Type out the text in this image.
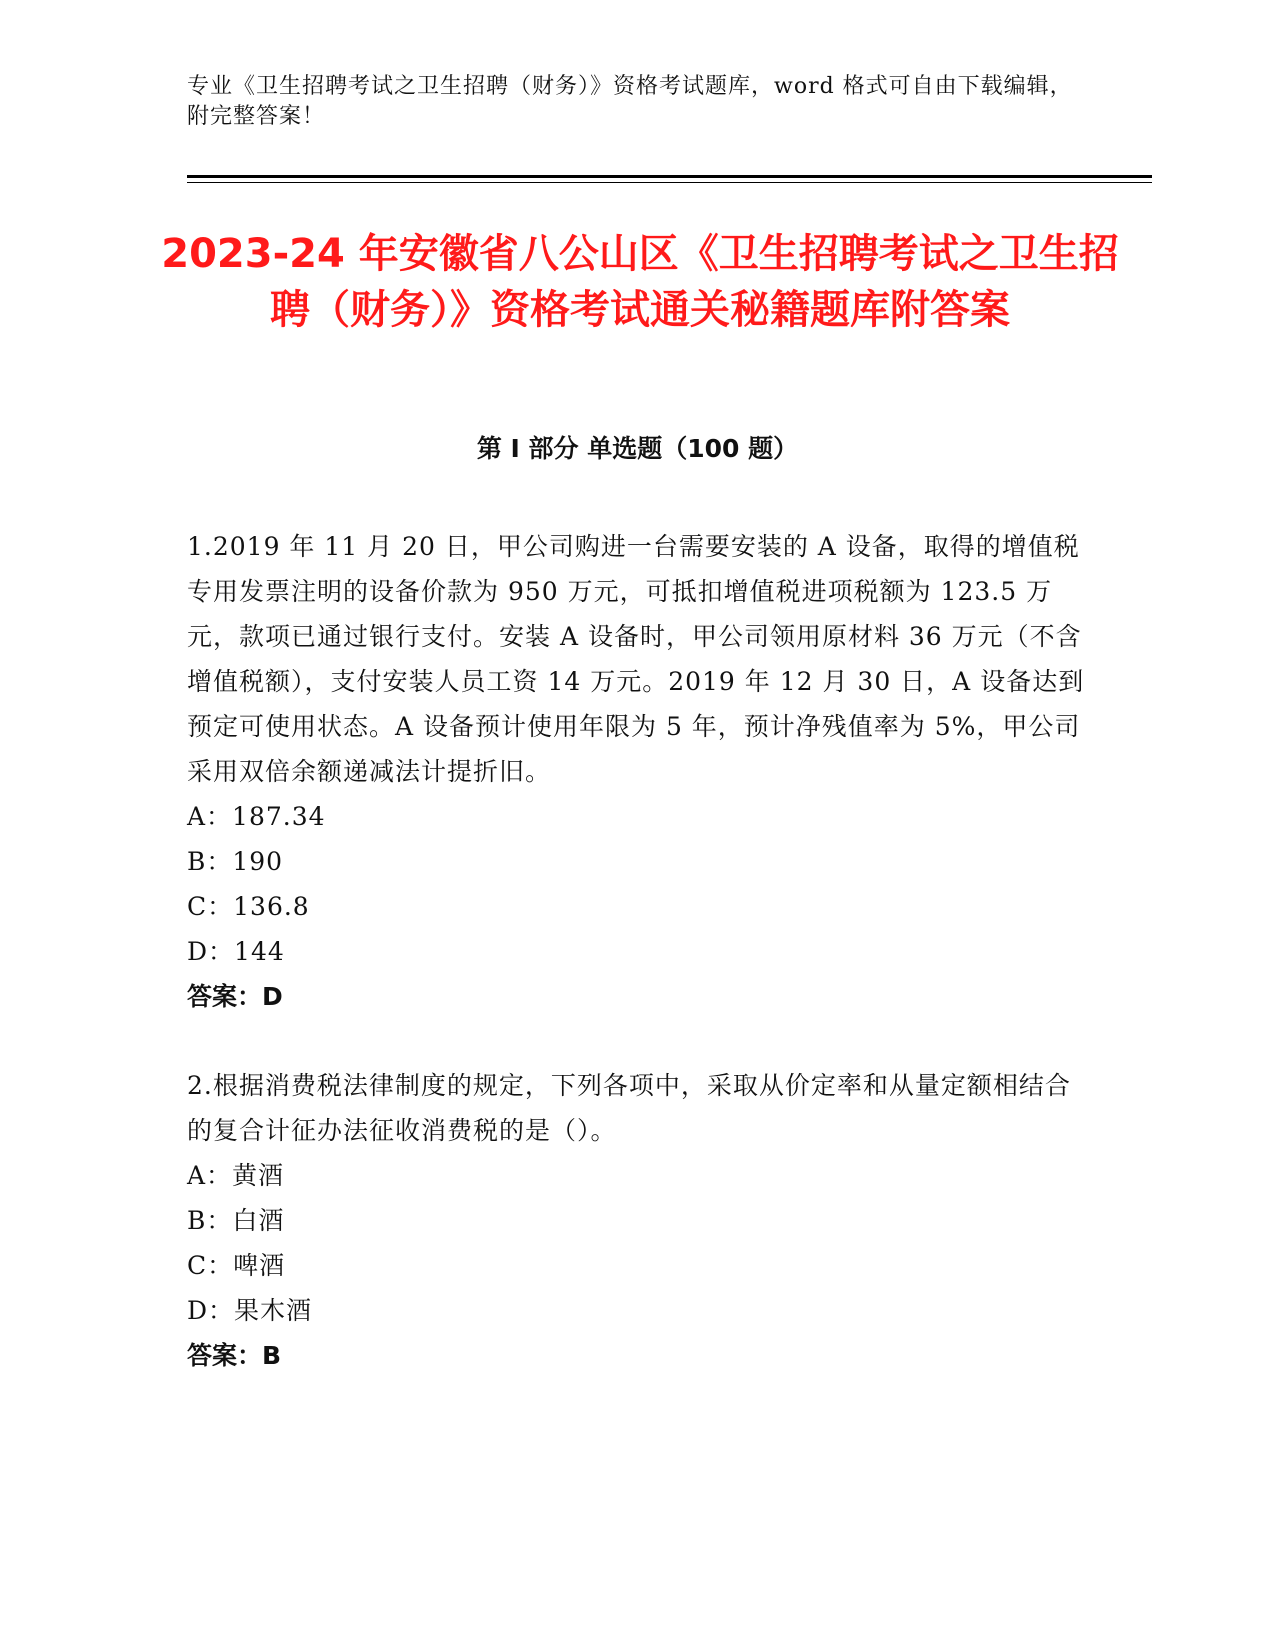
专业《卫生招聘考试之卫生招聘（财务）》资格考试题库，word 格式可自由下载编辑，附完整答案！
2023-24 年安徽省八公山区《卫生招聘考试之卫生招聘（财务）》资格考试通关秘籍题库附答案
第 I 部分 单选题（100 题）
1.2019 年 11 月 20 日，甲公司购进一台需要安装的 A 设备，取得的增值税专用发票注明的设备价款为 950 万元，可抵扣增值税进项税额为 123.5 万元，款项已通过银行支付。安装 A 设备时，甲公司领用原材料 36 万元（不含增值税额），支付安装人员工资 14 万元。2019 年 12 月 30 日，A 设备达到预定可使用状态。A 设备预计使用年限为 5 年，预计净残值率为 5%，甲公司采用双倍余额递减法计提折旧。
A：187.34
B：190
C：136.8
D：144
答案：D
2.根据消费税法律制度的规定，下列各项中，采取从价定率和从量定额相结合的复合计征办法征收消费税的是（）。
A：黄酒
B：白酒
C：啤酒
D：果木酒
答案：B
